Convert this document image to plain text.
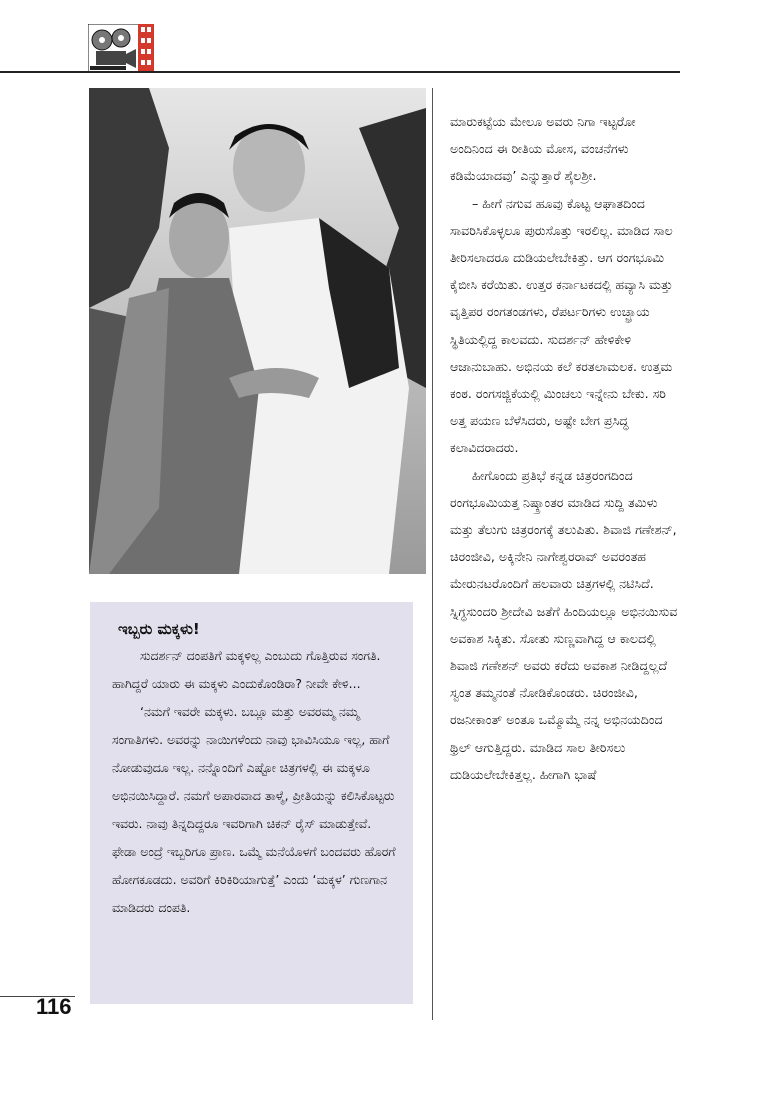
ಇಬ್ಬರು ಮಕ್ಕಳು!

ಸುದರ್ಶನ್ ದಂಪತಿಗೆ ಮಕ್ಕಳಿಲ್ಲ ಎಂಬುದು ಗೊತ್ತಿರುವ ಸಂಗತಿ. ಹಾಗಿದ್ದರೆ ಯಾರು ಈ ಮಕ್ಕಳು ಎಂದುಕೊಂಡಿರಾ? ನೀವೇ ಕೇಳಿ...

‘ನಮಗೆ ಇವರೇ ಮಕ್ಕಳು. ಬಬ್ಲೂ ಮತ್ತು ಅವರಮ್ಮ ನಮ್ಮ ಸಂಗಾತಿಗಳು. ಅವರನ್ನು ನಾಯಿಗಳೆಂದು ನಾವು ಭಾವಿಸಿಯೂ ಇಲ್ಲ, ಹಾಗೆ ನೋಡುವುದೂ ಇಲ್ಲ. ನನ್ನೊಂದಿಗೆ ಎಷ್ಟೋ ಚಿತ್ರಗಳಲ್ಲಿ ಈ ಮಕ್ಕಳೂ ಅಭಿನಯಿಸಿದ್ದಾರೆ. ನಮಗೆ ಅಪಾರವಾದ ತಾಳ್ಮೆ, ಪ್ರೀತಿಯನ್ನು ಕಲಿಸಿಕೊಟ್ಟರು ಇವರು. ನಾವು ತಿನ್ನದಿದ್ದರೂ ಇವರಿಗಾಗಿ ಚಿಕನ್ ರೈಸ್ ಮಾಡುತ್ತೇವೆ. ಫೇಡಾ ಅಂದ್ರೆ ಇಬ್ಬರಿಗೂ ಪ್ರಾಣ. ಒಮ್ಮೆ ಮನೆಯೊಳಗೆ ಬಂದವರು ಹೊರಗೆ ಹೋಗಕೂಡದು. ಅವರಿಗೆ ಕಿರಿಕಿರಿಯಾಗುತ್ತೆ’ ಎಂದು ‘ಮಕ್ಕಳ’ ಗುಣಗಾನ ಮಾಡಿದರು ದಂಪತಿ.

ಮಾರುಕಟ್ಟೆಯ ಮೇಲೂ ಅವರು ನಿಗಾ ಇಟ್ಟರೋ ಅಂದಿನಿಂದ ಈ ರೀತಿಯ ಮೋಸ, ವಂಚನೆಗಳು ಕಡಿಮೆಯಾದವು’ ಎನ್ನುತ್ತಾರೆ ಶೈಲಶ್ರೀ.

– ಹೀಗೆ ನಗುವ ಹೂವು ಕೊಟ್ಟ ಆಘಾತದಿಂದ ಸಾವರಿಸಿಕೊಳ್ಳಲೂ ಪುರುಸೊತ್ತು ಇರಲಿಲ್ಲ. ಮಾಡಿದ ಸಾಲ ತೀರಿಸಲಾದರೂ ದುಡಿಯಲೇಬೇಕಿತ್ತು. ಆಗ ರಂಗಭೂಮಿ ಕೈಬೀಸಿ ಕರೆಯಿತು. ಉತ್ತರ ಕರ್ನಾಟಕದಲ್ಲಿ ಹವ್ಯಾಸಿ ಮತ್ತು ವೃತ್ತಿಪರ ರಂಗತಂಡಗಳು, ರೆಪರ್ಟರಿಗಳು ಉಚ್ಛ್ರಾಯ ಸ್ಥಿತಿಯಲ್ಲಿದ್ದ ಕಾಲವದು. ಸುದರ್ಶನ್ ಹೇಳಿಕೇಳಿ ಆಜಾನುಬಾಹು. ಅಭಿನಯ ಕಲೆ ಕರತಲಾಮಲಕ. ಉತ್ತಮ ಕಂಠ. ರಂಗಸಜ್ಜಿಕೆಯಲ್ಲಿ ಮಿಂಚಲು ಇನ್ನೇನು ಬೇಕು. ಸರಿ ಅತ್ತ ಪಯಣ ಬೆಳೆಸಿದರು, ಅಷ್ಟೇ ಬೇಗ ಪ್ರಸಿದ್ಧ ಕಲಾವಿದರಾದರು.

ಹೀಗೊಂದು ಪ್ರತಿಭೆ ಕನ್ನಡ ಚಿತ್ರರಂಗದಿಂದ ರಂಗಭೂಮಿಯತ್ತ ನಿಷ್ಕ್ರಾಂತರ ಮಾಡಿದ ಸುದ್ದಿ ತಮಿಳು ಮತ್ತು ತೆಲುಗು ಚಿತ್ರರಂಗಕ್ಕೆ ತಲುಪಿತು. ಶಿವಾಜಿ ಗಣೇಶನ್, ಚಿರಂಜೀವಿ, ಅಕ್ಕಿನೇನಿ ನಾಗೇಶ್ವರರಾವ್ ಅವರಂತಹ ಮೇರುನಟರೊಂದಿಗೆ ಹಲವಾರು ಚಿತ್ರಗಳಲ್ಲಿ ನಟಿಸಿದೆ. ಸ್ನಿಗ್ಧಸುಂದರಿ ಶ್ರೀದೇವಿ ಜತೆಗೆ ಹಿಂದಿಯಲ್ಲೂ ಅಭಿನಯಿಸುವ ಅವಕಾಶ ಸಿಕ್ಕಿತು. ಸೋತು ಸುಣ್ಣವಾಗಿದ್ದ ಆ ಕಾಲದಲ್ಲಿ ಶಿವಾಜಿ ಗಣೇಶನ್ ಅವರು ಕರೆದು ಅವಕಾಶ ನೀಡಿದ್ದಲ್ಲದೆ ಸ್ವಂತ ತಮ್ಮನಂತೆ ನೋಡಿಕೊಂಡರು. ಚಿರಂಜೀವಿ, ರಜನೀಕಾಂತ್ ಅಂತೂ ಒಮ್ಮೊಮ್ಮೆ ನನ್ನ ಅಭಿನಯದಿಂದ ಥ್ರಿಲ್ ಆಗುತ್ತಿದ್ದರು. ಮಾಡಿದ ಸಾಲ ತೀರಿಸಲು ದುಡಿಯಲೇಬೇಕಿತ್ತಲ್ಲ. ಹೀಗಾಗಿ ಭಾಷೆ

116
